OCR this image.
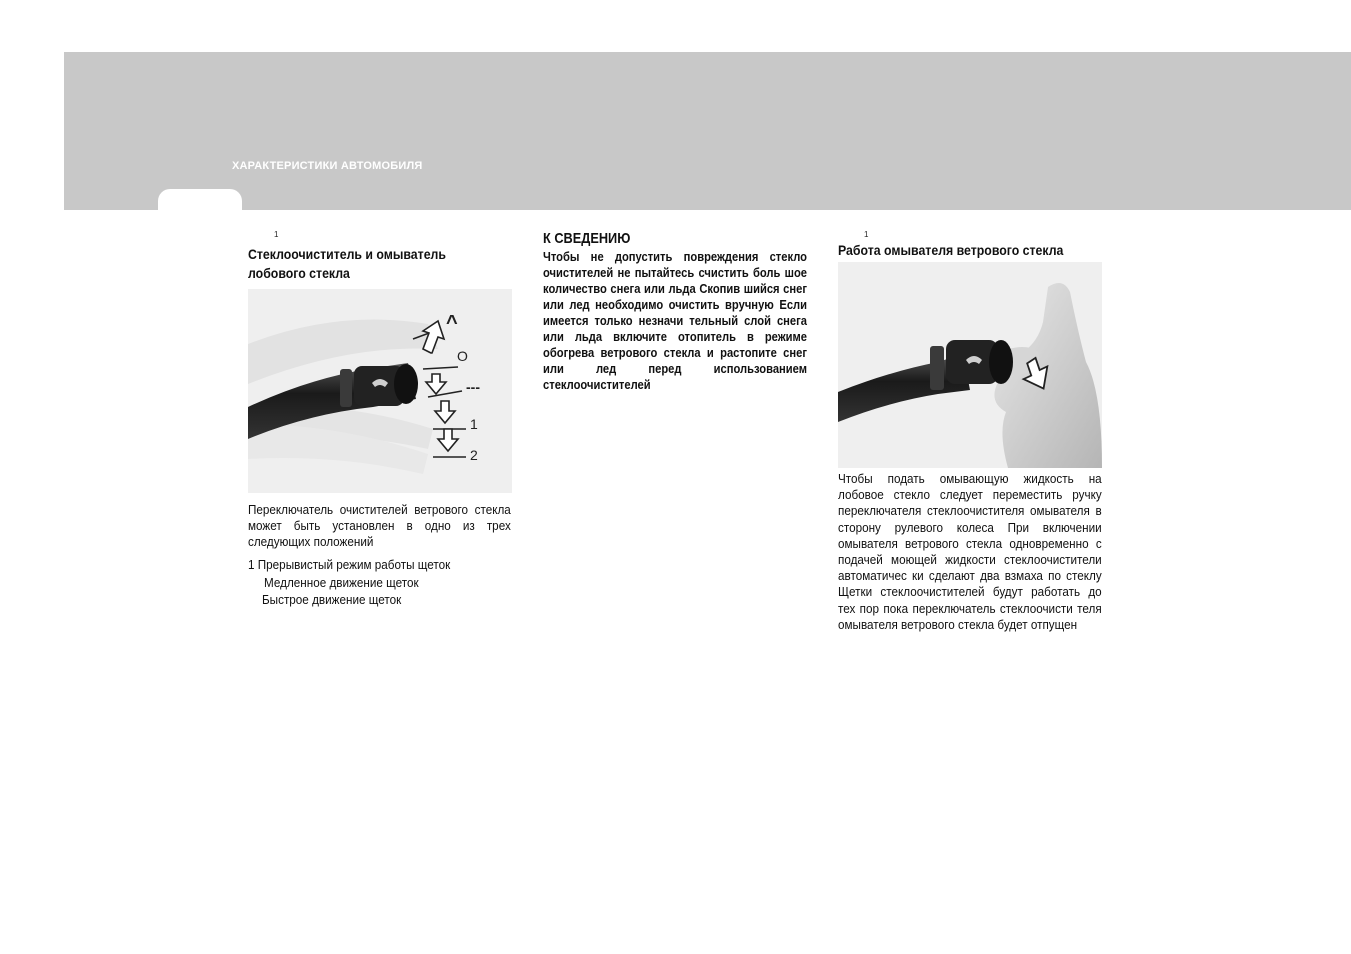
ХАРАКТЕРИСТИКИ АВТОМОБИЛЯ
1
Стеклоочиститель и омыватель
лобового стекла
^
O
---
1
2
Переключатель очистителей ветрового стекла может быть установлен в одно из трех следующих положений
1 Прерывистый режим работы щеток
Медленное движение щеток
Быстрое движение щеток
К СВЕДЕНИЮ
Чтобы не допустить повреждения стекло очистителей не пытайтесь счистить боль шое количество снега или льда Скопив шийся снег или лед необходимо очистить вручную Если имеется только незначи тельный слой снега или льда включите отопитель в режиме обогрева ветрового стекла и растопите снег или лед перед использованием стеклоочистителей
1
Работа омывателя ветрового стекла
Чтобы подать омывающую жидкость на лобовое стекло следует переместить ручку переключателя стеклоочистителя омывателя в сторону рулевого колеса При включении омывателя ветрового стекла одновременно с подачей моющей жидкости стеклоочистители автоматичес ки сделают два взмаха по стеклу Щетки стеклоочистителей будут работать до тех пор пока переключатель стеклоочисти теля омывателя ветрового стекла будет отпущен
